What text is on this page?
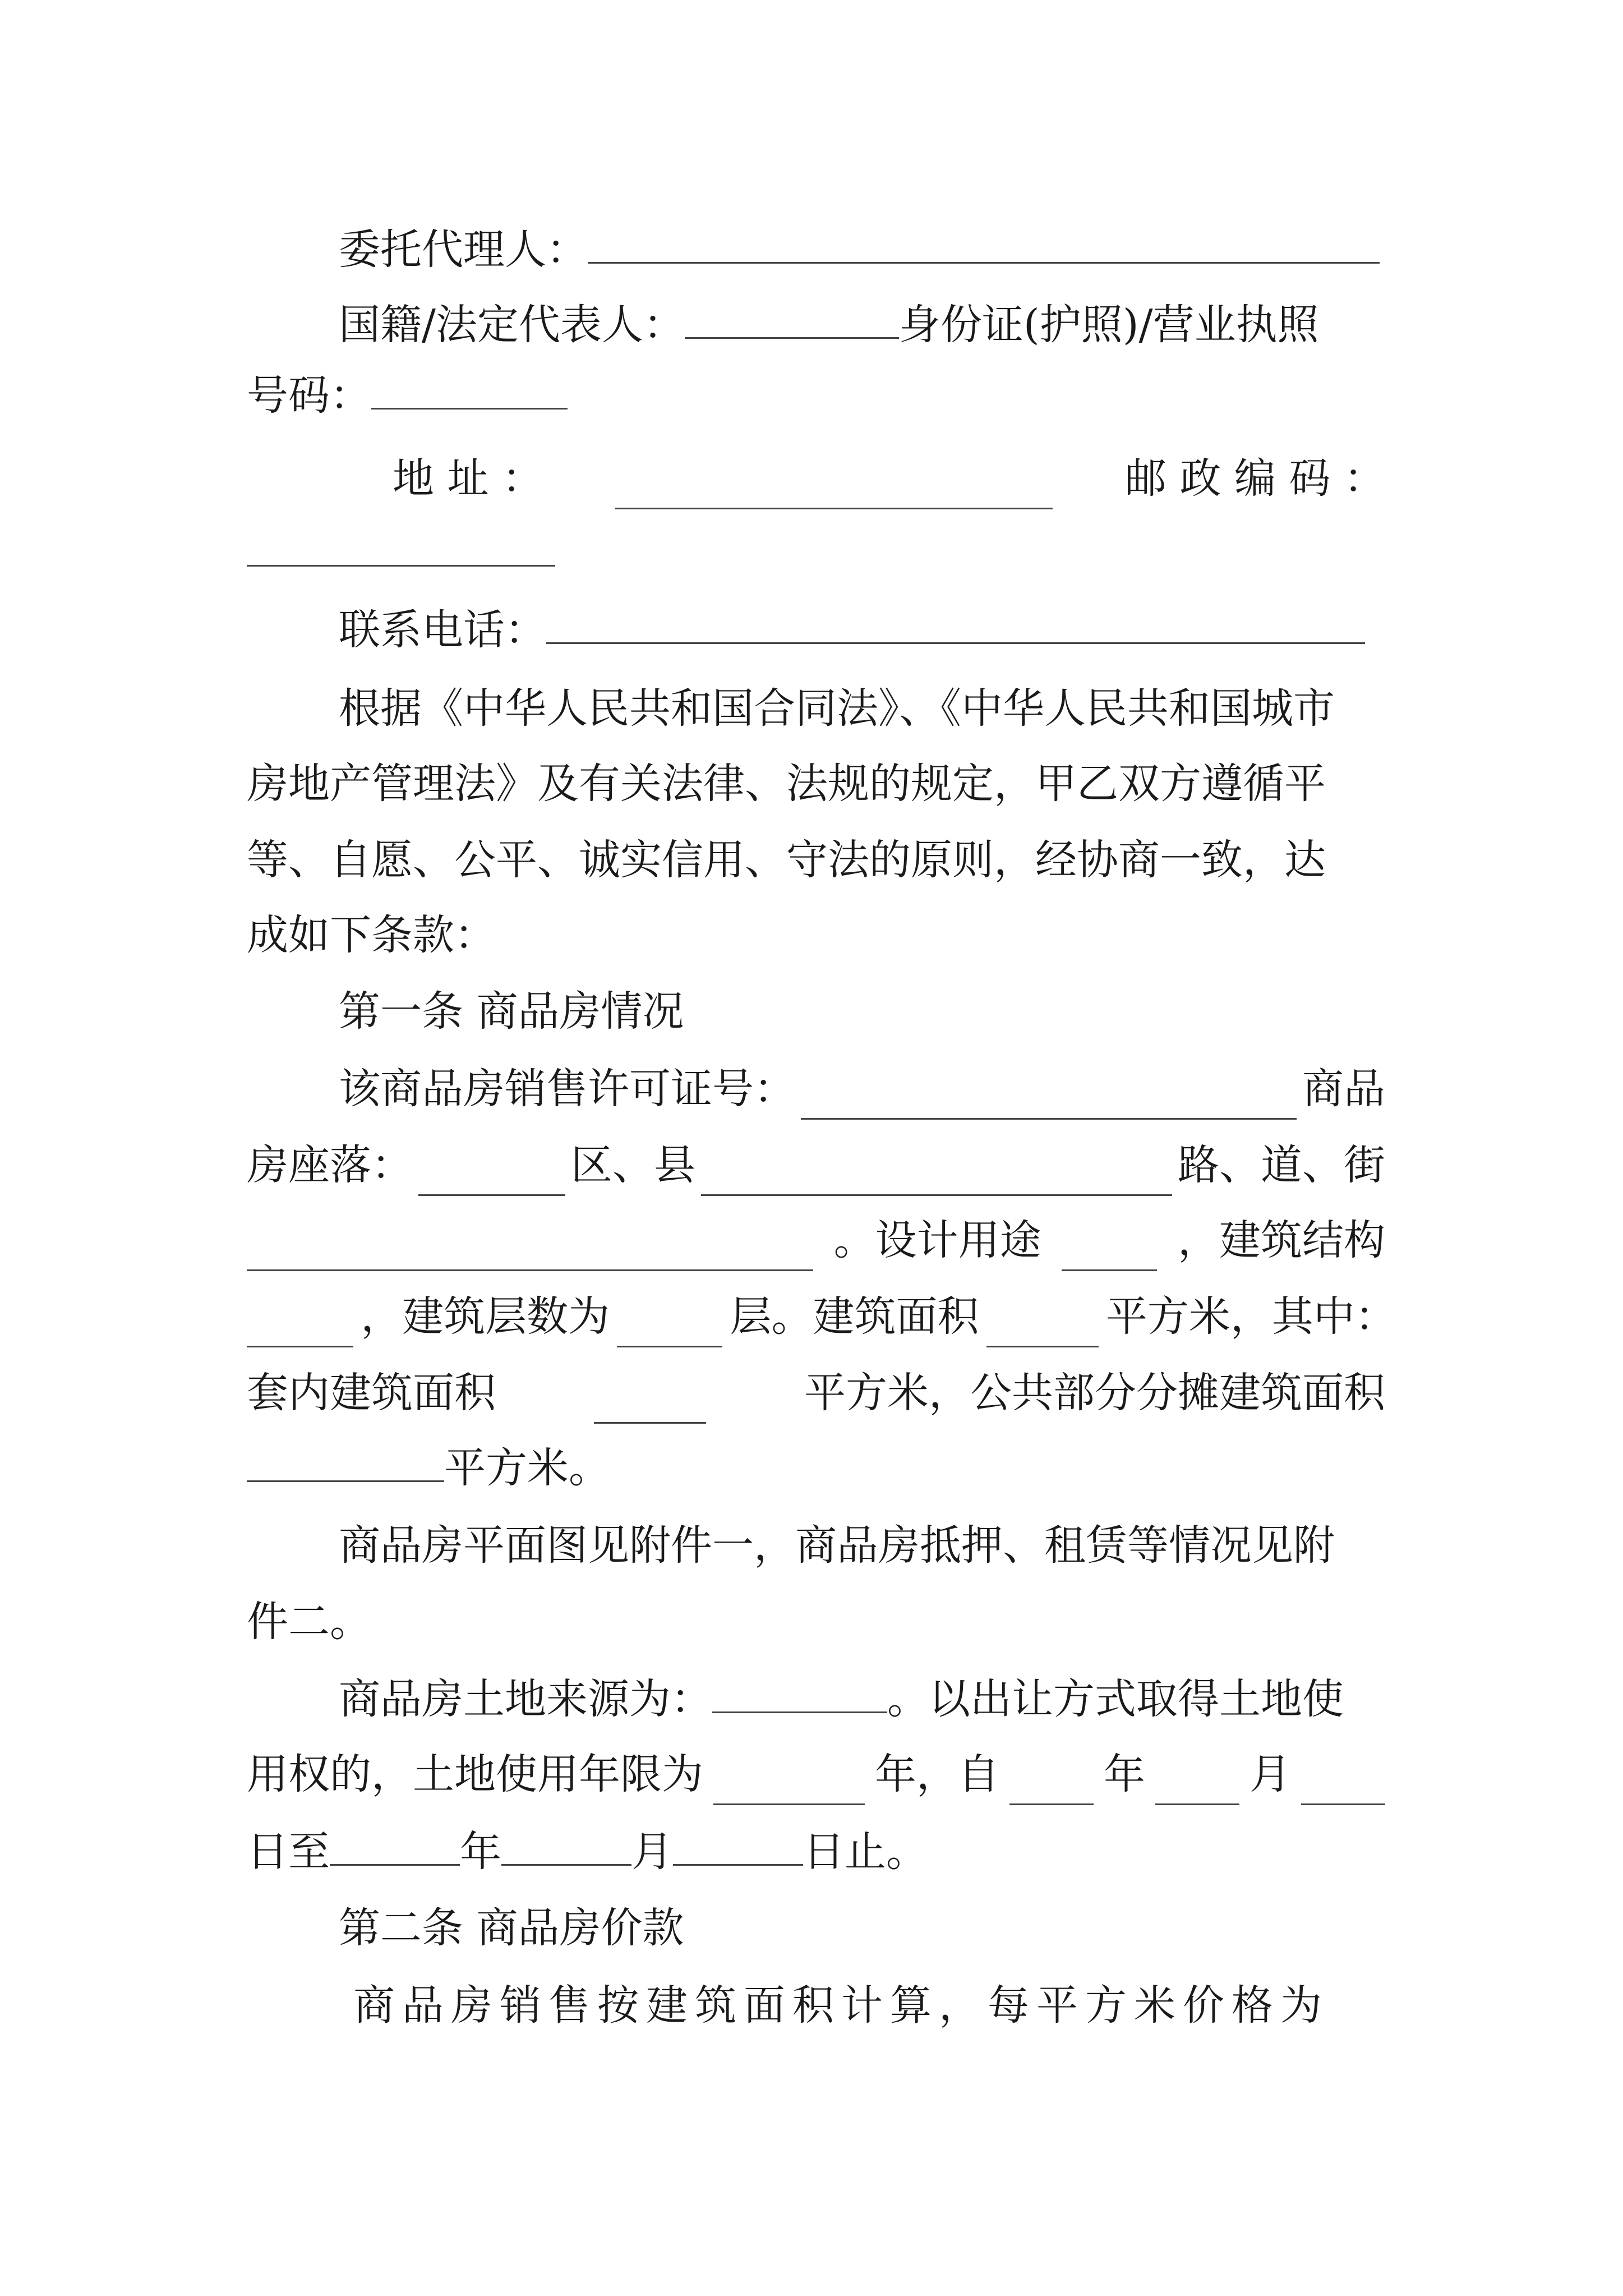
委托代理人：
国籍/法定代表人：	身份证(护照)/营业执照
号码：
地 址 ：	邮 政 编 码 ：
联系电话：
根据《中华人民共和国合同法》、《中华人民共和国城市
房地产管理法》及有关法律、法规的规定，甲乙双方遵循平
等、自愿、公平、诚实信用、守法的原则，经协商一致，达
成如下条款：
第一条 商品房情况
该商品房销售许可证号：	商品
房座落：	区、县	路、道、街
。设计用途	，建筑结构
，建筑层数为	层。建筑面积	平方米，其中：
套内建筑面积	平方米，公共部分分摊建筑面积
平方米。
商品房平面图见附件一，商品房抵押、租赁等情况见附
件二。
商品房土地来源为：	。以出让方式取得土地使
用权的，土地使用年限为	年，自	年	月
日至	年	月	日止。
第二条 商品房价款
商品房销售按建筑面积计算，每平方米价格为
